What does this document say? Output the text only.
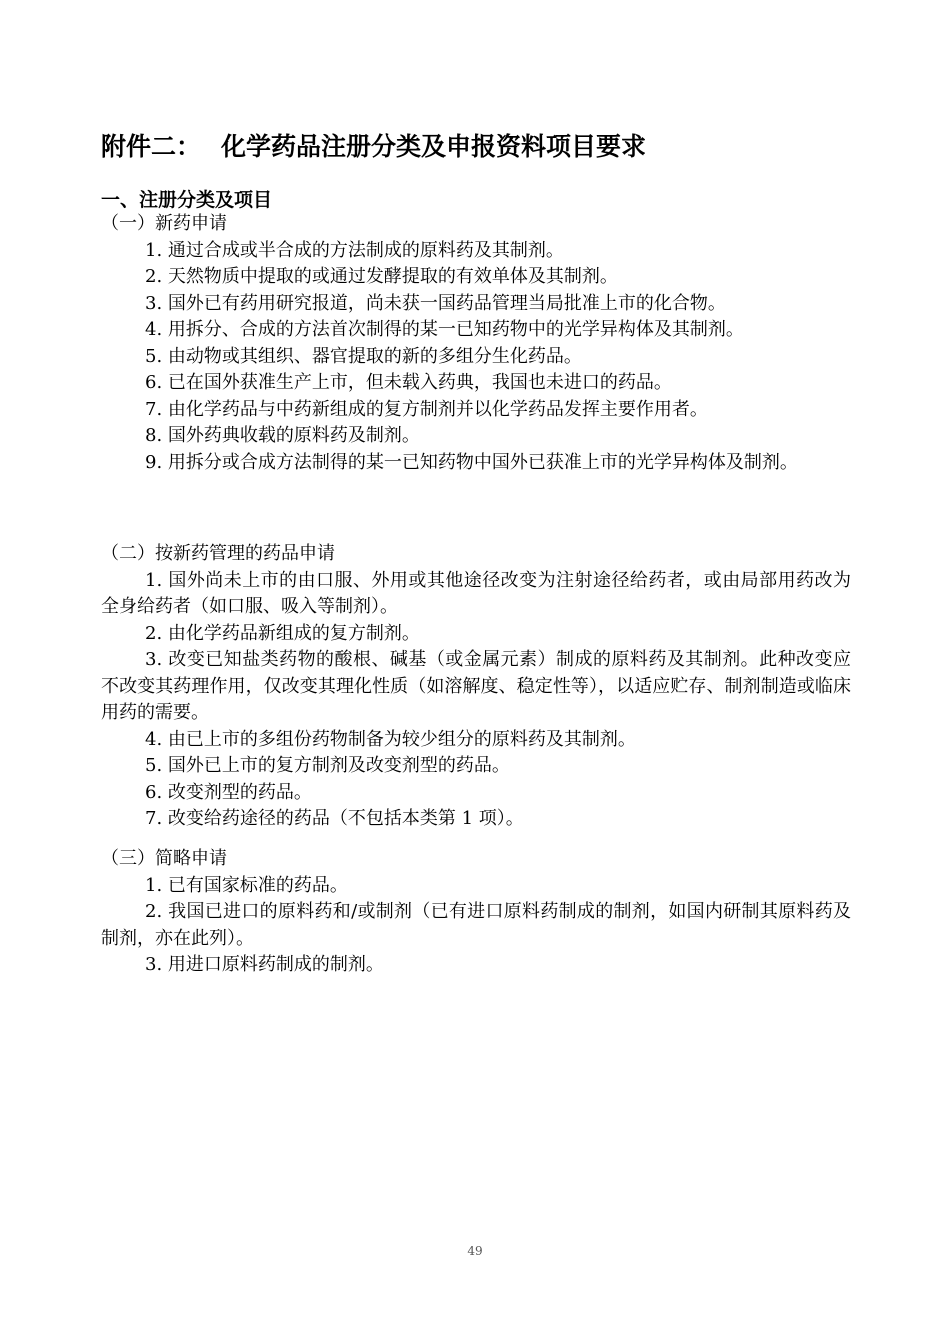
附件二： 化学药品注册分类及申报资料项目要求
一、注册分类及项目

（一）新药申请

1. 通过合成或半合成的方法制成的原料药及其制剂。

2. 天然物质中提取的或通过发酵提取的有效单体及其制剂。

3. 国外已有药用研究报道，尚未获一国药品管理当局批准上市的化合物。

4. 用拆分、合成的方法首次制得的某一已知药物中的光学异构体及其制剂。

5. 由动物或其组织、器官提取的新的多组分生化药品。

6. 已在国外获准生产上市，但未载入药典，我国也未进口的药品。

7. 由化学药品与中药新组成的复方制剂并以化学药品发挥主要作用者。

8. 国外药典收载的原料药及制剂。

9. 用拆分或合成方法制得的某一已知药物中国外已获准上市的光学异构体及制剂。

（二）按新药管理的药品申请

1. 国外尚未上市的由口服、外用或其他途径改变为注射途径给药者，或由局部用药改为全身给药者（如口服、吸入等制剂）。

2. 由化学药品新组成的复方制剂。

3. 改变已知盐类药物的酸根、碱基（或金属元素）制成的原料药及其制剂。此种改变应不改变其药理作用，仅改变其理化性质（如溶解度、稳定性等），以适应贮存、制剂制造或临床用药的需要。

4. 由已上市的多组份药物制备为较少组分的原料药及其制剂。

5. 国外已上市的复方制剂及改变剂型的药品。

6. 改变剂型的药品。

7. 改变给药途径的药品（不包括本类第 1 项）。

（三）简略申请

1. 已有国家标准的药品。

2. 我国已进口的原料药和/或制剂（已有进口原料药制成的制剂，如国内研制其原料药及制剂，亦在此列）。

3. 用进口原料药制成的制剂。

49
